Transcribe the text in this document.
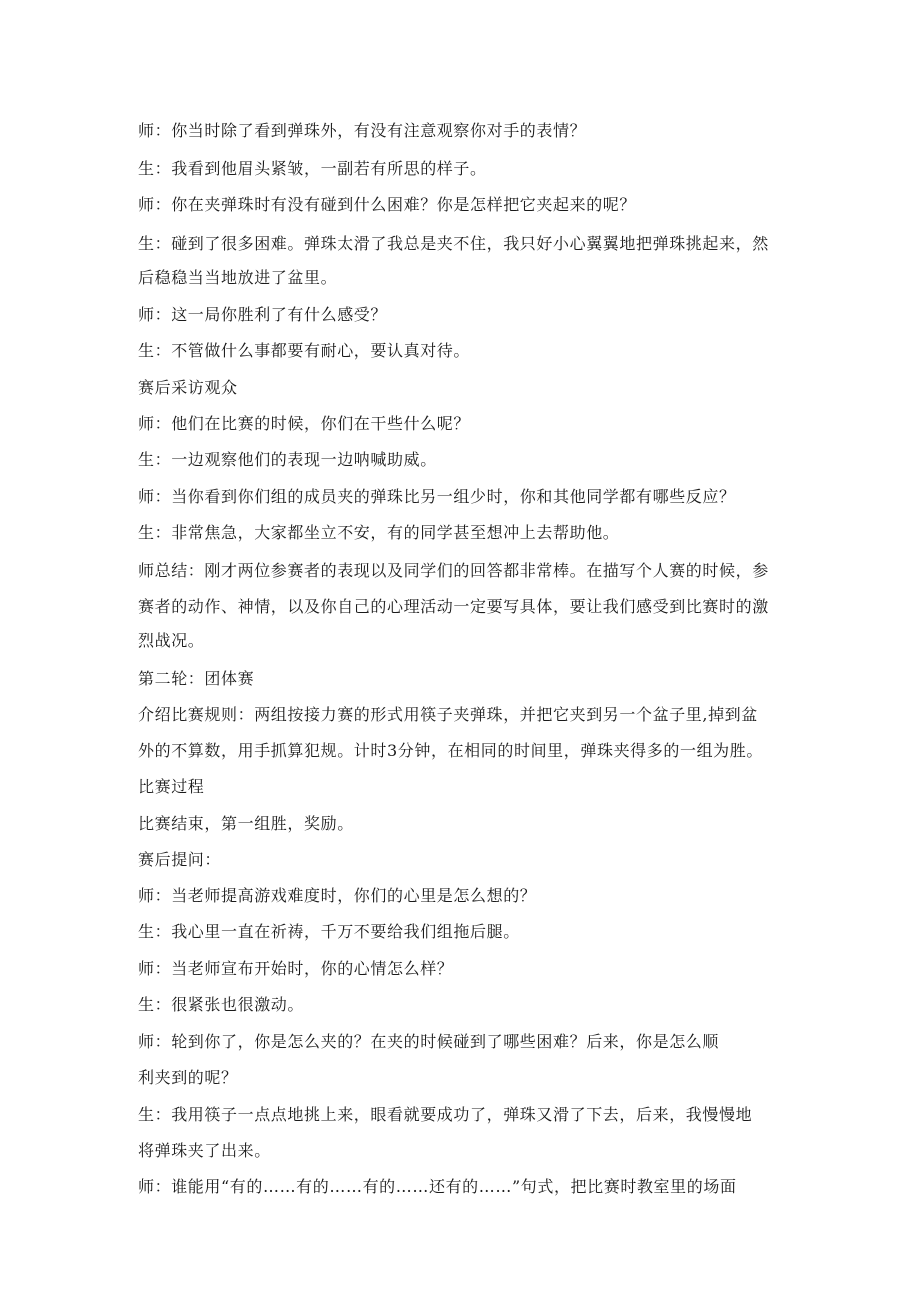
师：你当时除了看到弹珠外，有没有注意观察你对手的表情？
生：我看到他眉头紧皱，一副若有所思的样子。
师：你在夹弹珠时有没有碰到什么困难？你是怎样把它夹起来的呢？
生：碰到了很多困难。弹珠太滑了我总是夹不住，我只好小心翼翼地把弹珠挑起来，然
后稳稳当当地放进了盆里。
师：这一局你胜利了有什么感受？
生：不管做什么事都要有耐心，要认真对待。
赛后采访观众
师：他们在比赛的时候，你们在干些什么呢？
生：一边观察他们的表现一边呐喊助威。
师：当你看到你们组的成员夹的弹珠比另一组少时，你和其他同学都有哪些反应？
生：非常焦急，大家都坐立不安，有的同学甚至想冲上去帮助他。
师总结：刚才两位参赛者的表现以及同学们的回答都非常棒。在描写个人赛的时候，参
赛者的动作、神情，以及你自己的心理活动一定要写具体，要让我们感受到比赛时的激
烈战况。
第二轮：团体赛
介绍比赛规则：两组按接力赛的形式用筷子夹弹珠，并把它夹到另一个盆子里,掉到盆
外的不算数，用手抓算犯规。计时3分钟，在相同的时间里，弹珠夹得多的一组为胜。
比赛过程
比赛结束，第一组胜，奖励。
赛后提问：
师：当老师提高游戏难度时，你们的心里是怎么想的？
生：我心里一直在祈祷，千万不要给我们组拖后腿。
师：当老师宣布开始时，你的心情怎么样？
生：很紧张也很激动。
师：轮到你了，你是怎么夹的？在夹的时候碰到了哪些困难？后来，你是怎么顺
利夹到的呢？
生：我用筷子一点点地挑上来，眼看就要成功了，弹珠又滑了下去，后来，我慢慢地
将弹珠夹了出来。
师：谁能用“有的……有的……有的……还有的……”句式，把比赛时教室里的场面
